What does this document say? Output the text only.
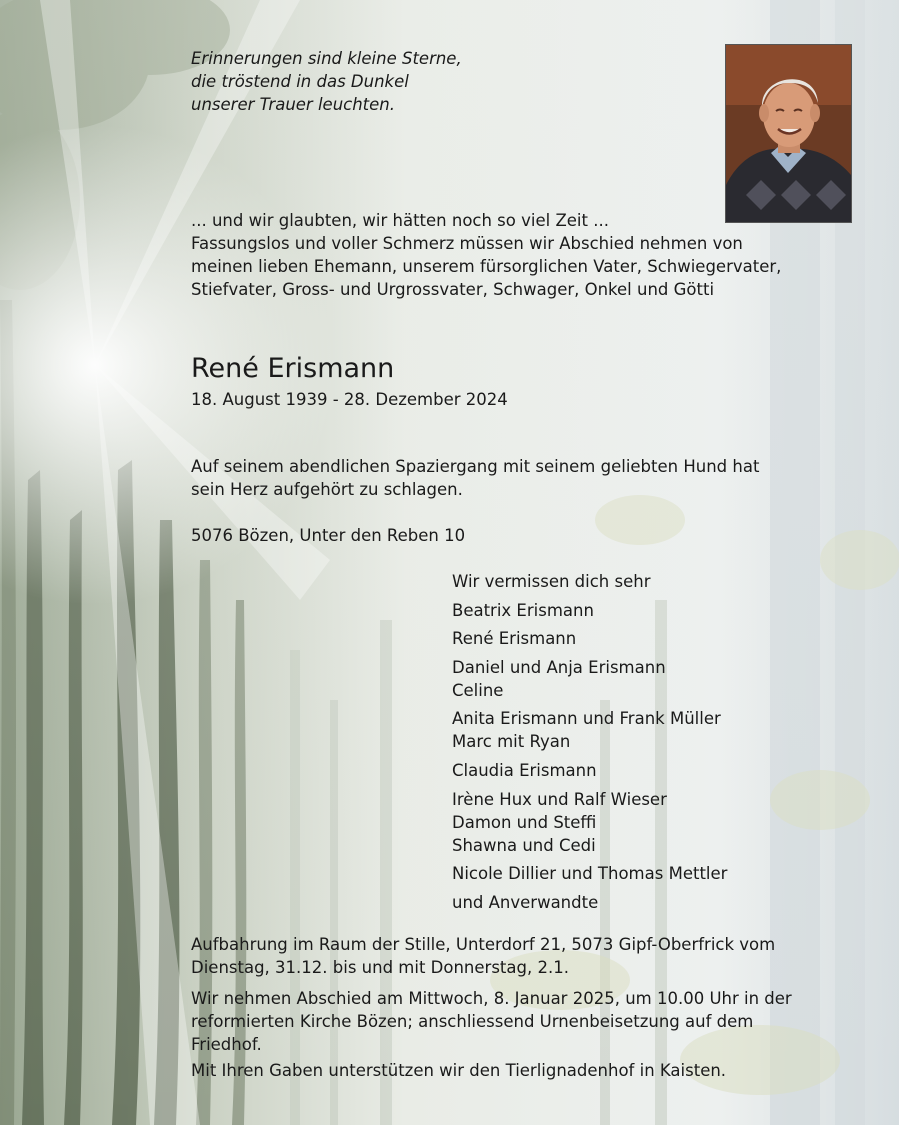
Erinnerungen sind kleine Sterne,
die tröstend in das Dunkel
unserer Trauer leuchten.
... und wir glaubten, wir hätten noch so viel Zeit ...
Fassungslos und voller Schmerz müssen wir Abschied nehmen von
meinen lieben Ehemann, unserem fürsorglichen Vater, Schwiegervater,
Stiefvater, Gross- und Urgrossvater, Schwager, Onkel und Götti
René Erismann
18. August 1939 - 28. Dezember 2024
Auf seinem abendlichen Spaziergang mit seinem geliebten Hund hat
sein Herz aufgehört zu schlagen.
5076 Bözen, Unter den Reben 10
Wir vermissen dich sehr
Beatrix Erismann
René Erismann
Daniel und Anja Erismann
Celine
Anita Erismann und Frank Müller
Marc mit Ryan
Claudia Erismann
Irène Hux und Ralf Wieser
Damon und Steffi
Shawna und Cedi
Nicole Dillier und Thomas Mettler
und Anverwandte
Aufbahrung im Raum der Stille, Unterdorf 21, 5073 Gipf-Oberfrick vom
Dienstag, 31.12. bis und mit Donnerstag, 2.1.
Wir nehmen Abschied am Mittwoch, 8. Januar 2025, um 10.00 Uhr in der
reformierten Kirche Bözen; anschliessend Urnenbeisetzung auf dem
Friedhof.
Mit Ihren Gaben unterstützen wir den Tierlignadenhof in Kaisten.
